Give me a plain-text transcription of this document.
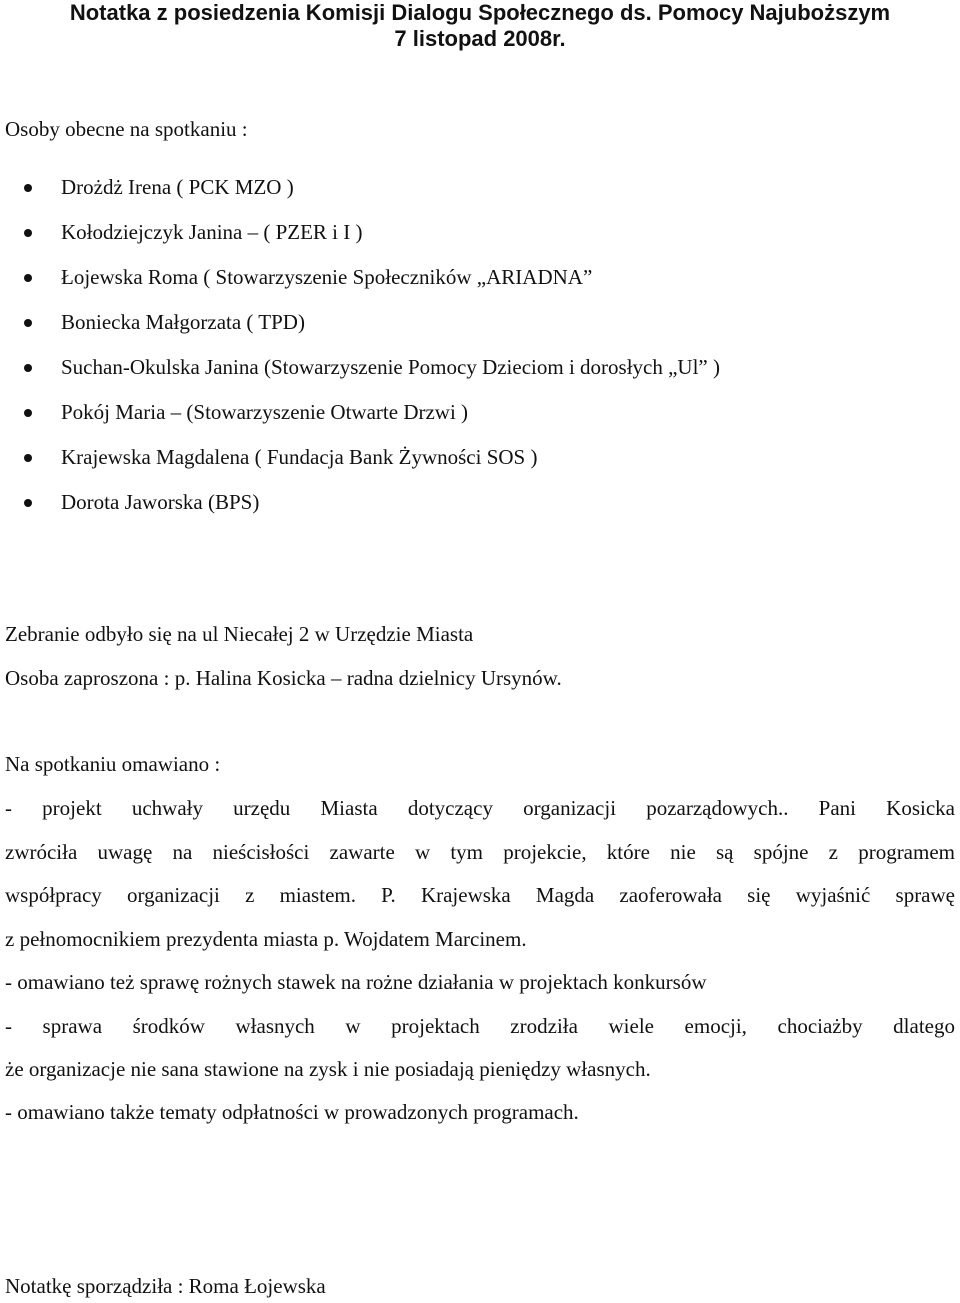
Notatka z posiedzenia Komisji Dialogu Społecznego ds. Pomocy Najuboższym
7 listopad 2008r.
Osoby obecne na spotkaniu :
Drożdż Irena ( PCK MZO )
Kołodziejczyk Janina – ( PZER i I )
Łojewska Roma ( Stowarzyszenie Społeczników „ARIADNA”
Boniecka Małgorzata ( TPD)
Suchan-Okulska Janina (Stowarzyszenie Pomocy Dzieciom i dorosłych „Ul” )
Pokój Maria – (Stowarzyszenie Otwarte Drzwi )
Krajewska Magdalena ( Fundacja Bank Żywności SOS )
Dorota Jaworska (BPS)
Zebranie odbyło się na ul Niecałej 2 w Urzędzie Miasta
Osoba zaproszona : p. Halina Kosicka – radna dzielnicy Ursynów.
Na spotkaniu omawiano :
- projekt uchwały urzędu Miasta dotyczący organizacji pozarządowych.. Pani Kosicka
zwróciła uwagę na nieścisłości zawarte w tym projekcie, które nie są spójne z programem
współpracy organizacji z miastem. P. Krajewska Magda zaoferowała się wyjaśnić sprawę
z pełnomocnikiem prezydenta miasta p. Wojdatem Marcinem.
- omawiano też sprawę rożnych stawek na rożne działania w projektach konkursów
- sprawa środków własnych w projektach zrodziła wiele emocji, chociażby dlatego
że organizacje nie sana stawione na zysk i nie posiadają pieniędzy własnych.
- omawiano także tematy odpłatności w prowadzonych programach.
Notatkę sporządziła : Roma Łojewska
